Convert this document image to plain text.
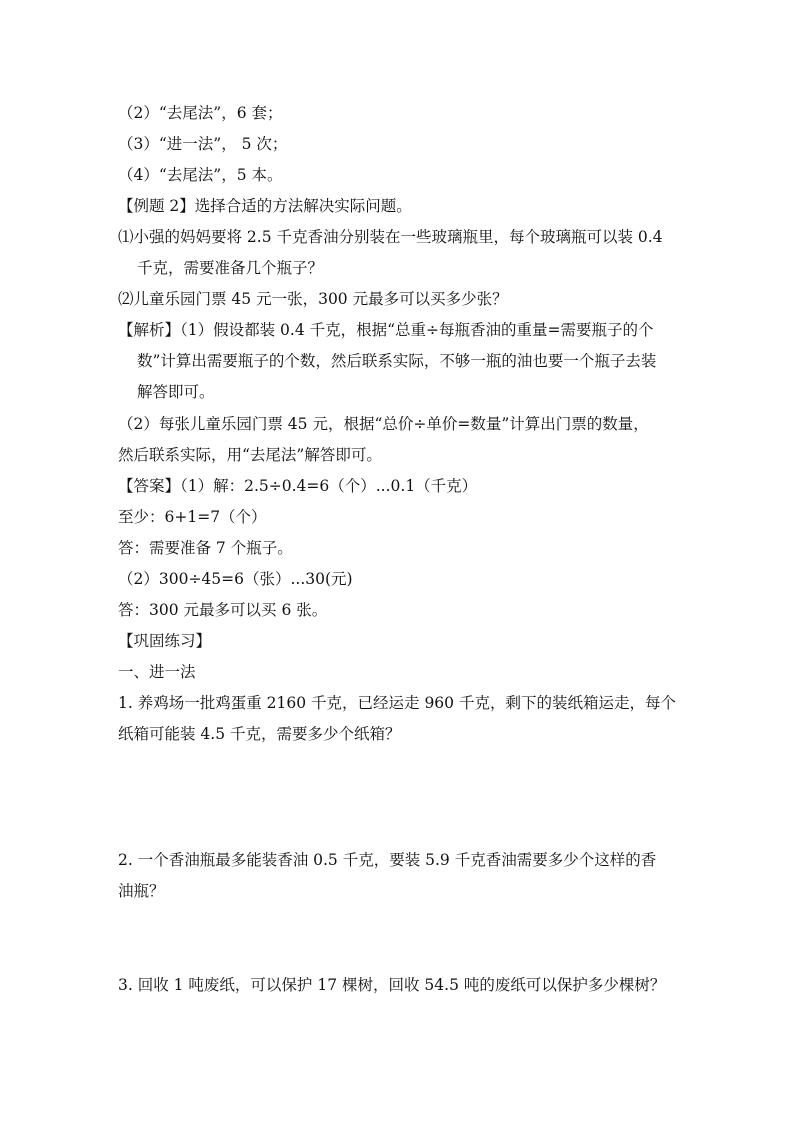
（2）“去尾法”，6 套；
（3）“进一法”， 5 次；
（4）“去尾法”，5 本。
【例题 2】选择合适的方法解决实际问题。
⑴小强的妈妈要将 2.5 千克香油分别装在一些玻璃瓶里，每个玻璃瓶可以装 0.4
千克，需要准备几个瓶子？
⑵儿童乐园门票 45 元一张，300 元最多可以买多少张？
【解析】（1）假设都装 0.4 千克，根据“总重÷每瓶香油的重量=需要瓶子的个
数”计算出需要瓶子的个数，然后联系实际，不够一瓶的油也要一个瓶子去装
解答即可。
（2）每张儿童乐园门票 45 元，根据“总价÷单价=数量”计算出门票的数量，
然后联系实际，用“去尾法”解答即可。
【答案】（1）解：2.5÷0.4=6（个）...0.1（千克）
至少：6+1=7（个）
答：需要准备 7 个瓶子。
（2）300÷45=6（张）...30(元)
答：300 元最多可以买 6 张。
【巩固练习】
一、进一法
1. 养鸡场一批鸡蛋重 2160 千克，已经运走 960 千克，剩下的装纸箱运走，每个
纸箱可能装 4.5 千克，需要多少个纸箱？
2. 一个香油瓶最多能装香油 0.5 千克，要装 5.9 千克香油需要多少个这样的香
油瓶？
3. 回收 1 吨废纸，可以保护 17 棵树，回收 54.5 吨的废纸可以保护多少棵树？
